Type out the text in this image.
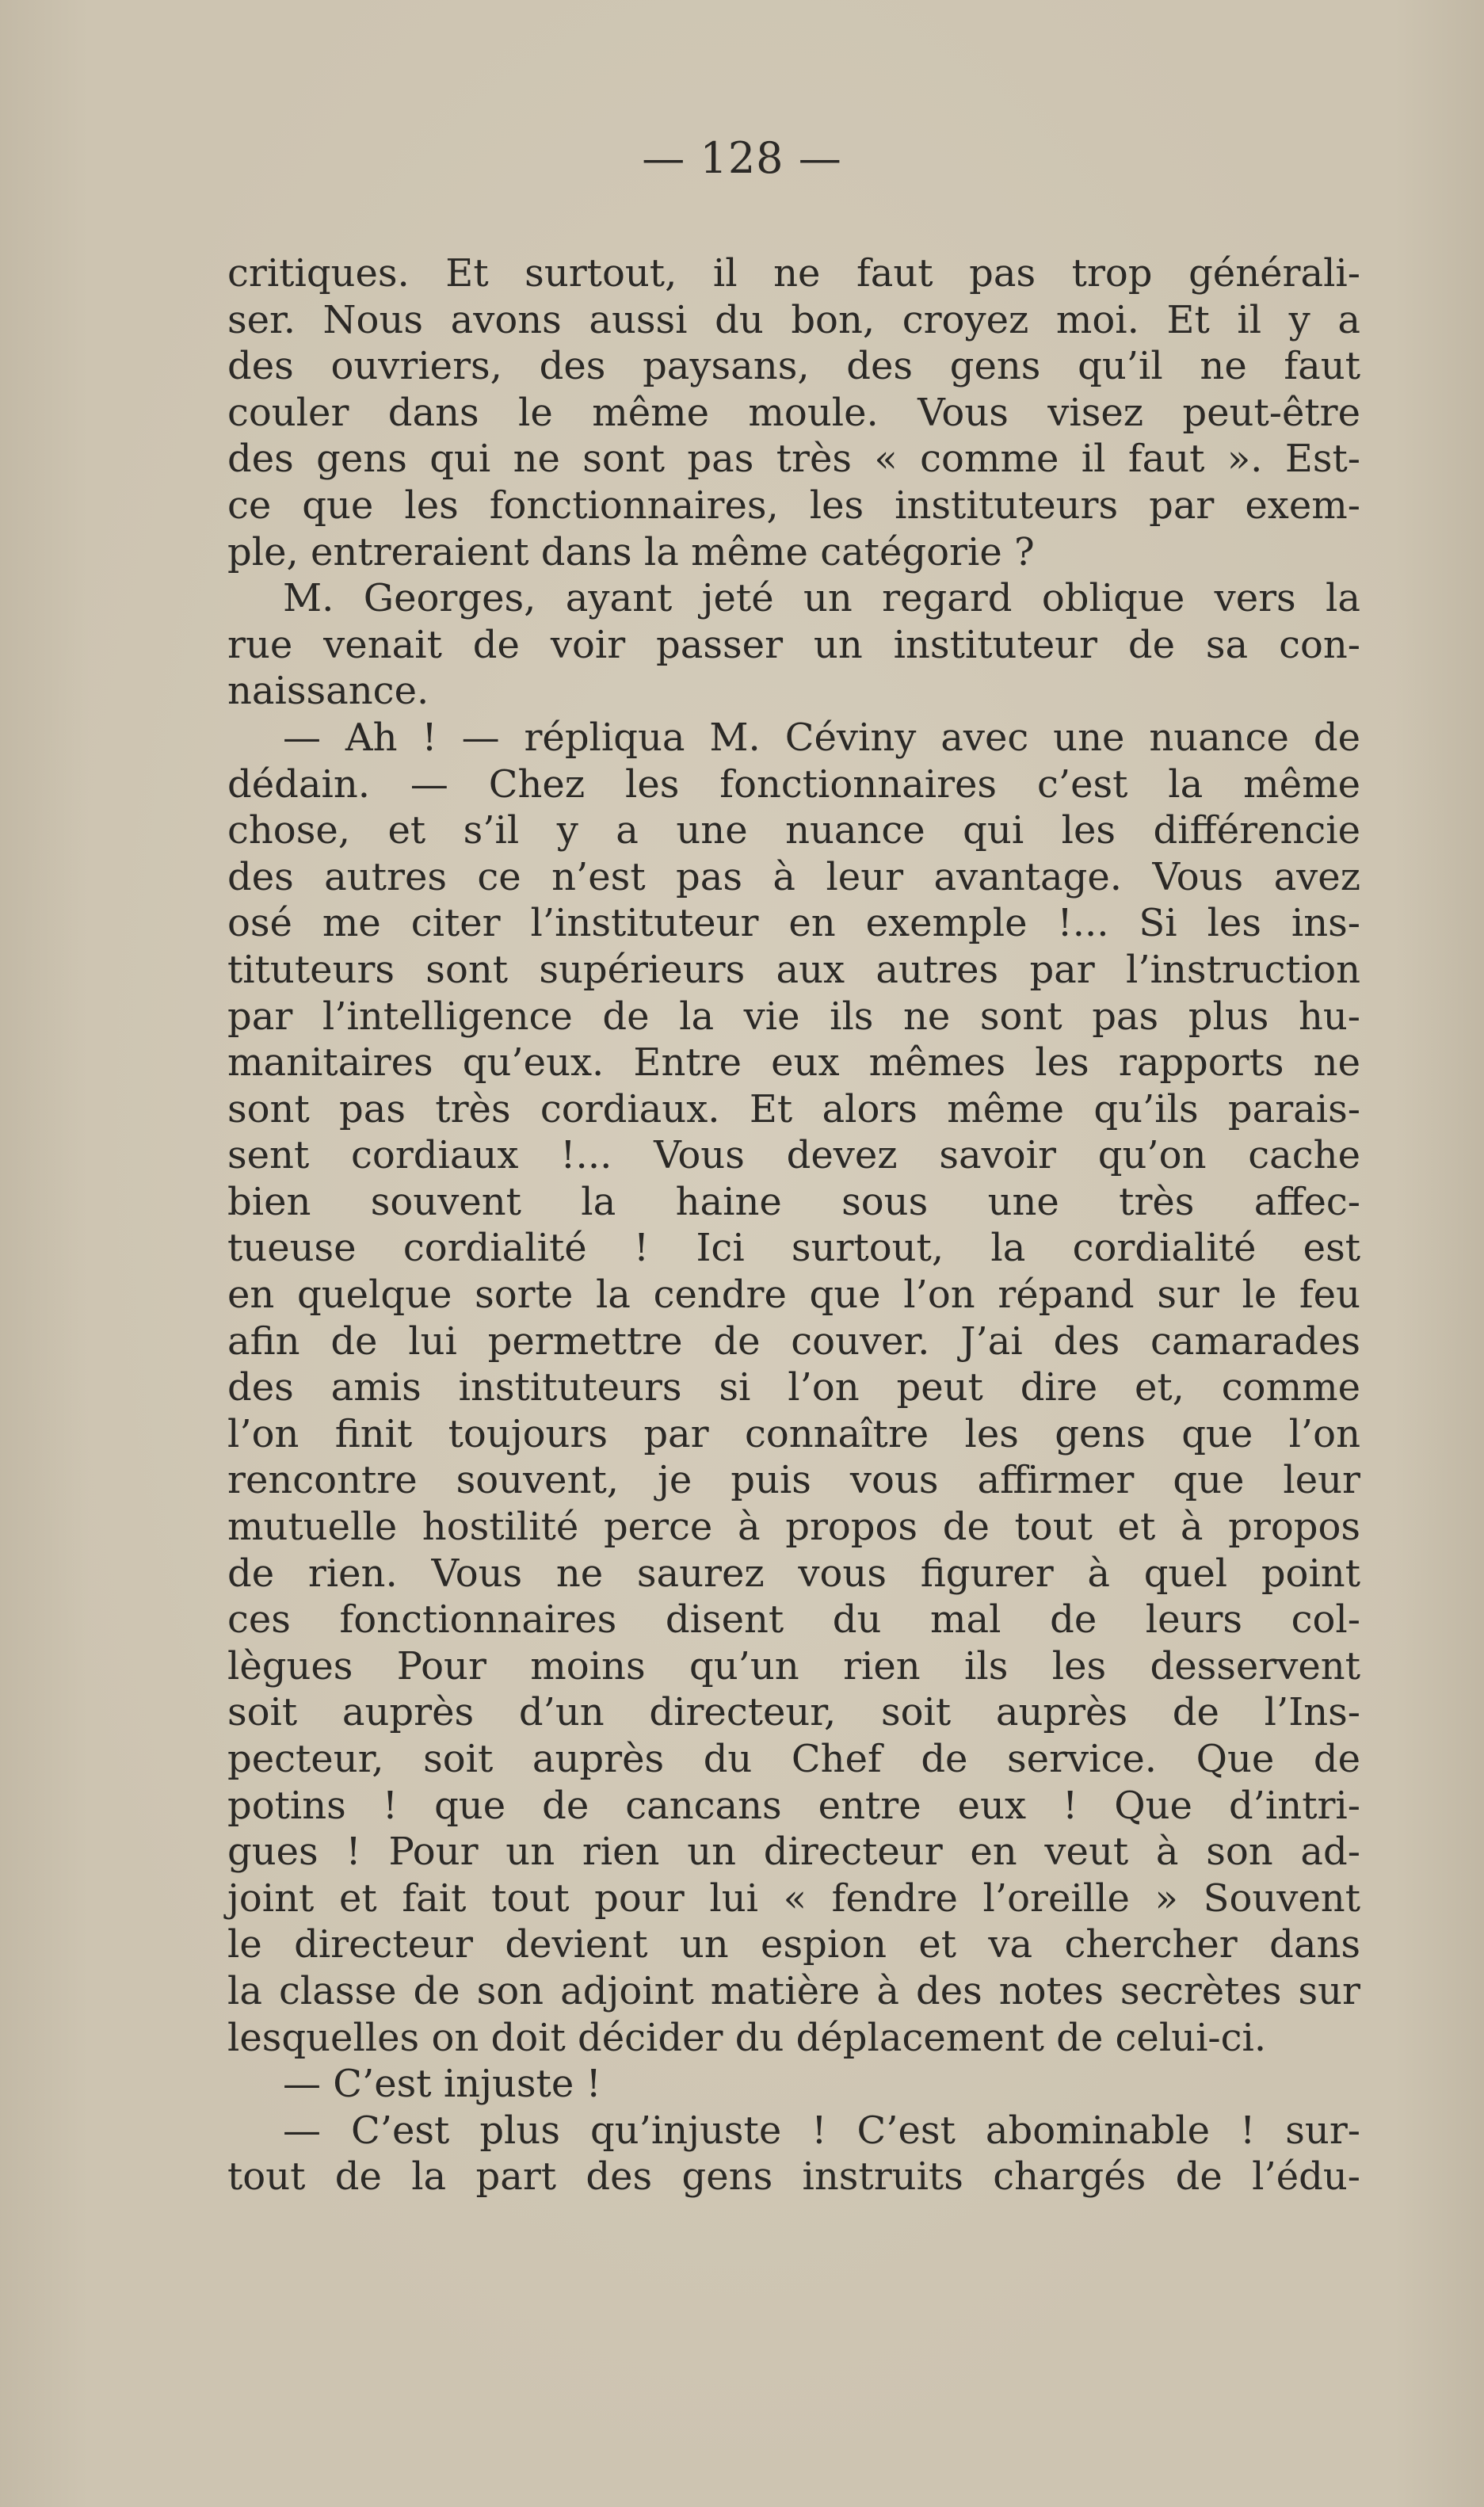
— 128 —
critiques. Et surtout, il ne faut pas trop générali-
ser. Nous avons aussi du bon, croyez moi. Et il y a
des ouvriers, des paysans, des gens qu’il ne faut
couler dans le même moule. Vous visez peut-être
des gens qui ne sont pas très « comme il faut ». Est-
ce que les fonctionnaires, les instituteurs par exem-
ple, entreraient dans la même catégorie ?
M. Georges, ayant jeté un regard oblique vers la
rue venait de voir passer un instituteur de sa con-
naissance.
— Ah ! — répliqua M. Céviny avec une nuance de
dédain. — Chez les fonctionnaires c’est la même
chose, et s’il y a une nuance qui les différencie
des autres ce n’est pas à leur avantage. Vous avez
osé me citer l’instituteur en exemple !... Si les ins-
tituteurs sont supérieurs aux autres par l’instruction
par l’intelligence de la vie ils ne sont pas plus hu-
manitaires qu’eux. Entre eux mêmes les rapports ne
sont pas très cordiaux. Et alors même qu’ils parais-
sent cordiaux !... Vous devez savoir qu’on cache
bien souvent la haine sous une très affec-
tueuse cordialité ! Ici surtout, la cordialité est
en quelque sorte la cendre que l’on répand sur le feu
afin de lui permettre de couver. J’ai des camarades
des amis instituteurs si l’on peut dire et, comme
l’on finit toujours par connaître les gens que l’on
rencontre souvent, je puis vous affirmer que leur
mutuelle hostilité perce à propos de tout et à propos
de rien. Vous ne saurez vous figurer à quel point
ces fonctionnaires disent du mal de leurs col-
lègues Pour moins qu’un rien ils les desservent
soit auprès d’un directeur, soit auprès de l’Ins-
pecteur, soit auprès du Chef de service. Que de
potins ! que de cancans entre eux ! Que d’intri-
gues ! Pour un rien un directeur en veut à son ad-
joint et fait tout pour lui « fendre l’oreille » Souvent
le directeur devient un espion et va chercher dans
la classe de son adjoint matière à des notes secrètes sur
lesquelles on doit décider du déplacement de celui-ci.
— C’est injuste !
— C’est plus qu’injuste ! C’est abominable ! sur-
tout de la part des gens instruits chargés de l’édu-
